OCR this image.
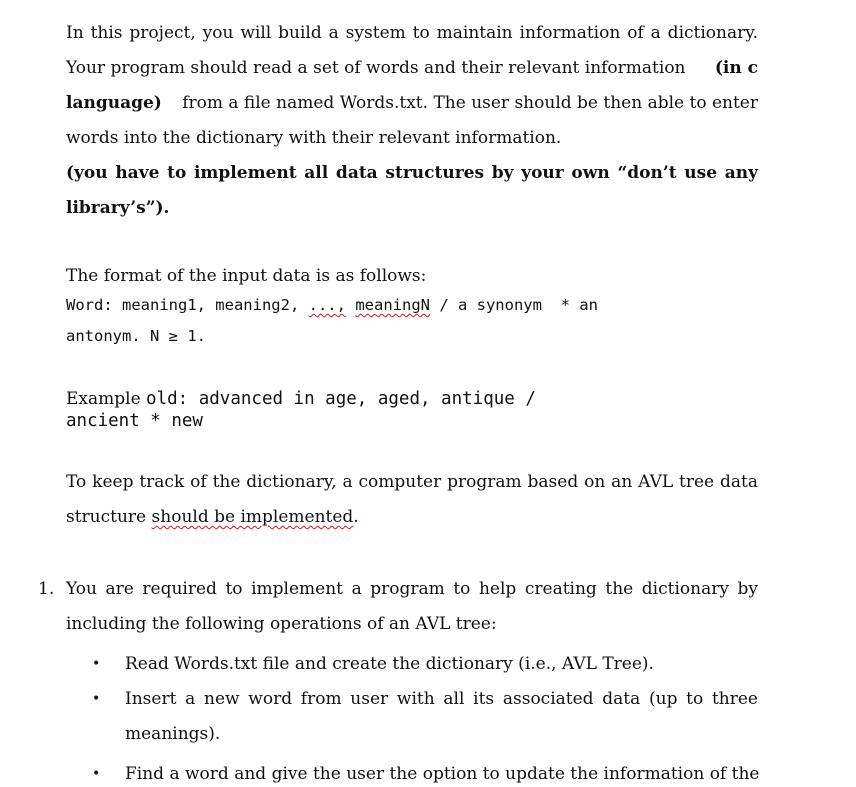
In this project, you will build a system to maintain information of a dictionary.
Your program should read a set of words and their relevant information (in c
language) from a file named Words.txt. The user should be then able to enter
words into the dictionary with their relevant information.
(you have to implement all data structures by your own “don’t use any
library’s”).
The format of the input data is as follows:
Word: meaning1, meaning2, ..., meaningN / a synonym  * an
antonym. N ≥ 1.
Example old: advanced in age, aged, antique /
ancient * new
To keep track of the dictionary, a computer program based on an AVL tree data
structure should be implemented.
1. You are required to implement a program to help creating the dictionary by
including the following operations of an AVL tree:
• Read Words.txt file and create the dictionary (i.e., AVL Tree).
• Insert a new word from user with all its associated data (up to three
meanings).
• Find a word and give the user the option to update the information of the
